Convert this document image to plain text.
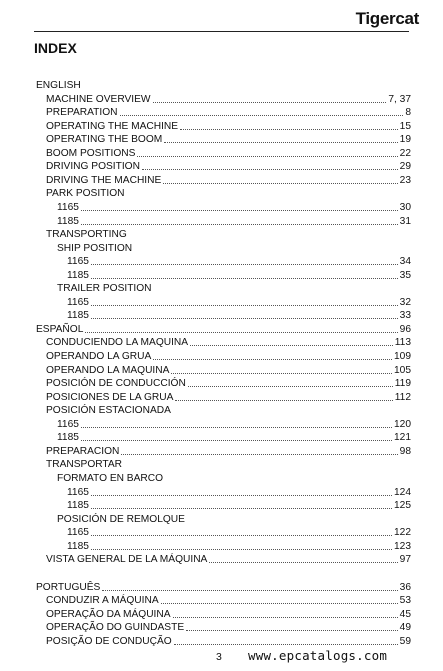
Tigercat
INDEX
ENGLISH
MACHINE OVERVIEW	7, 37
PREPARATION	8
OPERATING THE MACHINE	15
OPERATING THE BOOM	19
BOOM POSITIONS	22
DRIVING POSITION	29
DRIVING THE MACHINE	23
PARK POSITION
1165	30
1185	31
TRANSPORTING
SHIP POSITION
1165	34
1185	35
TRAILER POSITION
1165	32
1185	33
ESPAÑOL	96
CONDUCIENDO LA MAQUINA	113
OPERANDO LA GRUA	109
OPERANDO LA MAQUINA	105
POSICIÓN DE CONDUCCIÓN	119
POSICIONES DE LA GRUA	112
POSICIÓN ESTACIONADA
1165	120
1185	121
PREPARACION	98
TRANSPORTAR
FORMATO EN BARCO
1165	124
1185	125
POSICIÓN DE REMOLQUE
1165	122
1185	123
VISTA GENERAL DE LA MÁQUINA	97
PORTUGUÊS	36
CONDUZIR A MÁQUINA	53
OPERAÇÃO DA MÁQUINA	45
OPERAÇÃO DO GUINDASTE	49
POSIÇÃO DE CONDUÇÃO	59
3 www.epcatalogs.com
